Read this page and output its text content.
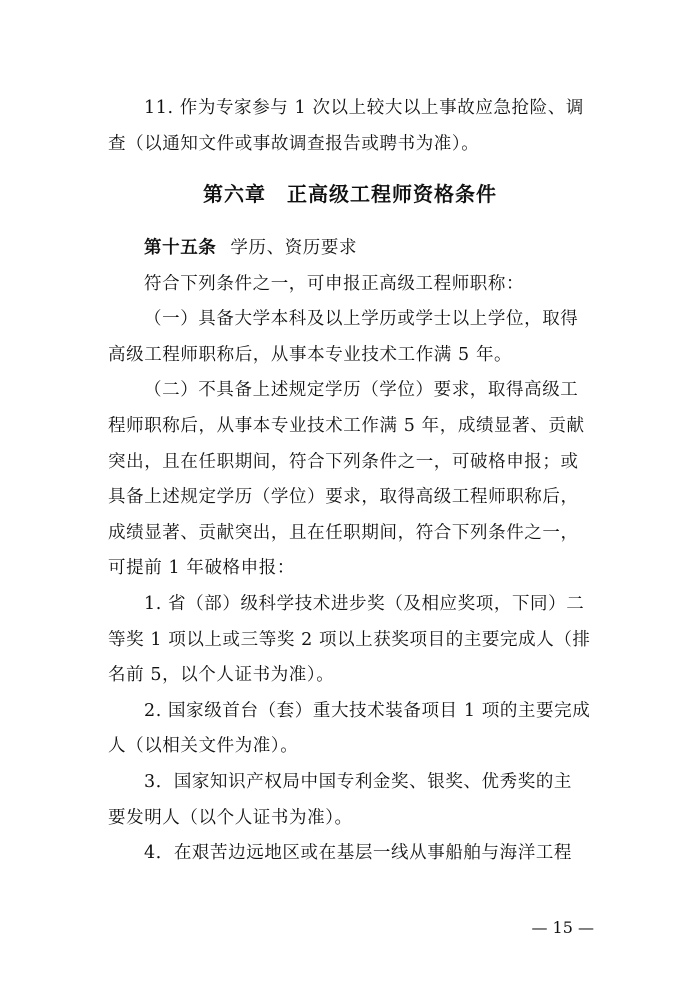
11. 作为专家参与 1 次以上较大以上事故应急抢险、调
查（以通知文件或事故调查报告或聘书为准）。
第六章　正高级工程师资格条件
第十五条 学历、资历要求
符合下列条件之一，可申报正高级工程师职称：
（一）具备大学本科及以上学历或学士以上学位，取得
高级工程师职称后，从事本专业技术工作满 5 年。
（二）不具备上述规定学历（学位）要求，取得高级工
程师职称后，从事本专业技术工作满 5 年，成绩显著、贡献
突出，且在任职期间，符合下列条件之一，可破格申报；或
具备上述规定学历（学位）要求，取得高级工程师职称后，
成绩显著、贡献突出，且在任职期间，符合下列条件之一，
可提前 1 年破格申报：
1. 省（部）级科学技术进步奖（及相应奖项，下同）二
等奖 1 项以上或三等奖 2 项以上获奖项目的主要完成人（排
名前 5，以个人证书为准）。
2. 国家级首台（套）重大技术装备项目 1 项的主要完成
人（以相关文件为准）。
3．国家知识产权局中国专利金奖、银奖、优秀奖的主
要发明人（以个人证书为准）。
4．在艰苦边远地区或在基层一线从事船舶与海洋工程
— 15 —
